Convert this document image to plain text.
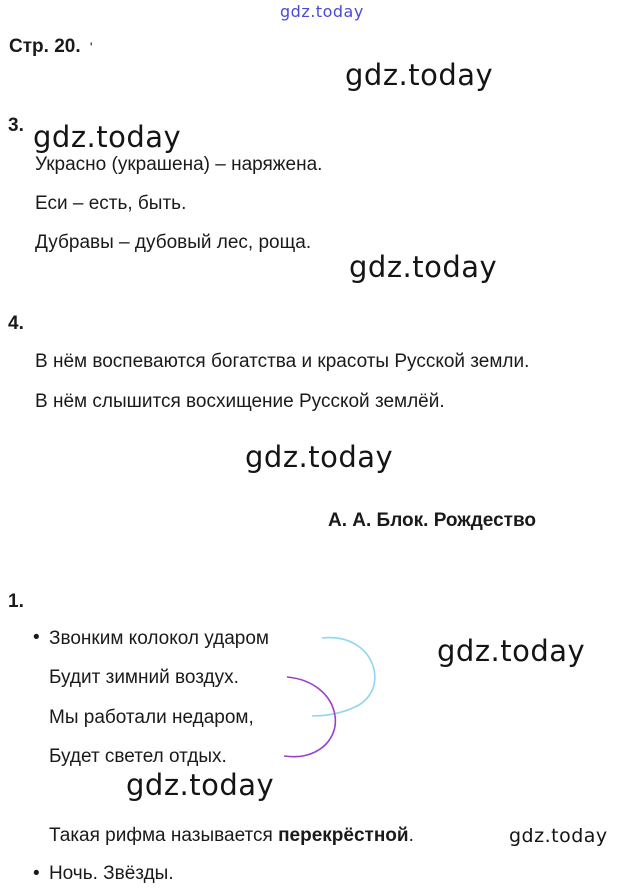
gdz.today
gdz.today
gdz.today
gdz.today
gdz.today
gdz.today
gdz.today
gdz.today
Стр. 20. '
3.
Украсно (украшена) – наряжена.
Еси – есть, быть.
Дубравы – дубовый лес, роща.
4.
В нём воспеваются богатства и красоты Русской земли.
В нём слышится восхищение Русской землёй.
А. А. Блок. Рождество
1.
• Звонким колокол ударом
Будит зимний воздух.
Мы работали недаром,
Будет светел отдых.
Такая рифма называется перекрёстной.
• Ночь. Звёзды.
